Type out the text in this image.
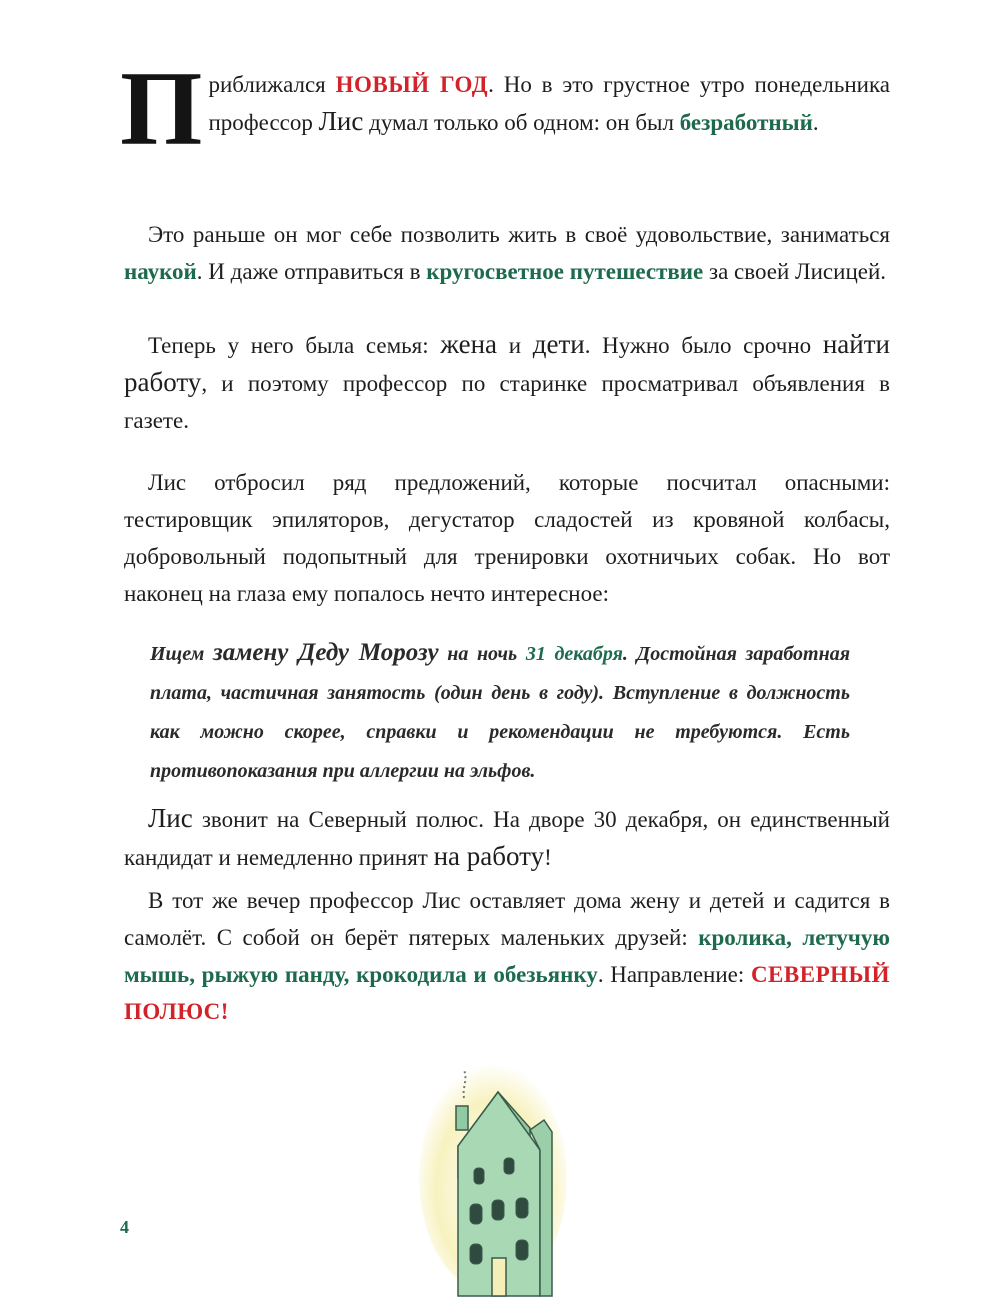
Приближался НОВЫЙ ГОД. Но в это грустное утро понедельника профессор Лис думал только об одном: он был безработный.

Это раньше он мог себе позволить жить в своё удовольствие, заниматься наукой. И даже отправиться в кругосветное путешествие за своей Лисицей.

Теперь у него была семья: жена и дети. Нужно было срочно найти работу, и поэтому профессор по старинке просматривал объявления в газете.

Лис отбросил ряд предложений, которые посчитал опасными: тестировщик эпиляторов, дегустатор сладостей из кровяной колбасы, добровольный подопытный для тренировки охотничьих собак. Но вот наконец на глаза ему попалось нечто интересное:

Ищем замену Деду Морозу на ночь 31 декабря. Достойная заработная плата, частичная занятость (один день в году). Вступление в должность как можно скорее, справки и рекомендации не требуются. Есть противопоказания при аллергии на эльфов.

Лис звонит на Северный полюс. На дворе 30 декабря, он единственный кандидат и немедленно принят на работу!

В тот же вечер профессор Лис оставляет дома жену и детей и садится в самолёт. С собой он берёт пятерых маленьких друзей: кролика, летучую мышь, рыжую панду, крокодила и обезьянку. Направление: СЕВЕРНЫЙ ПОЛЮС!

4
